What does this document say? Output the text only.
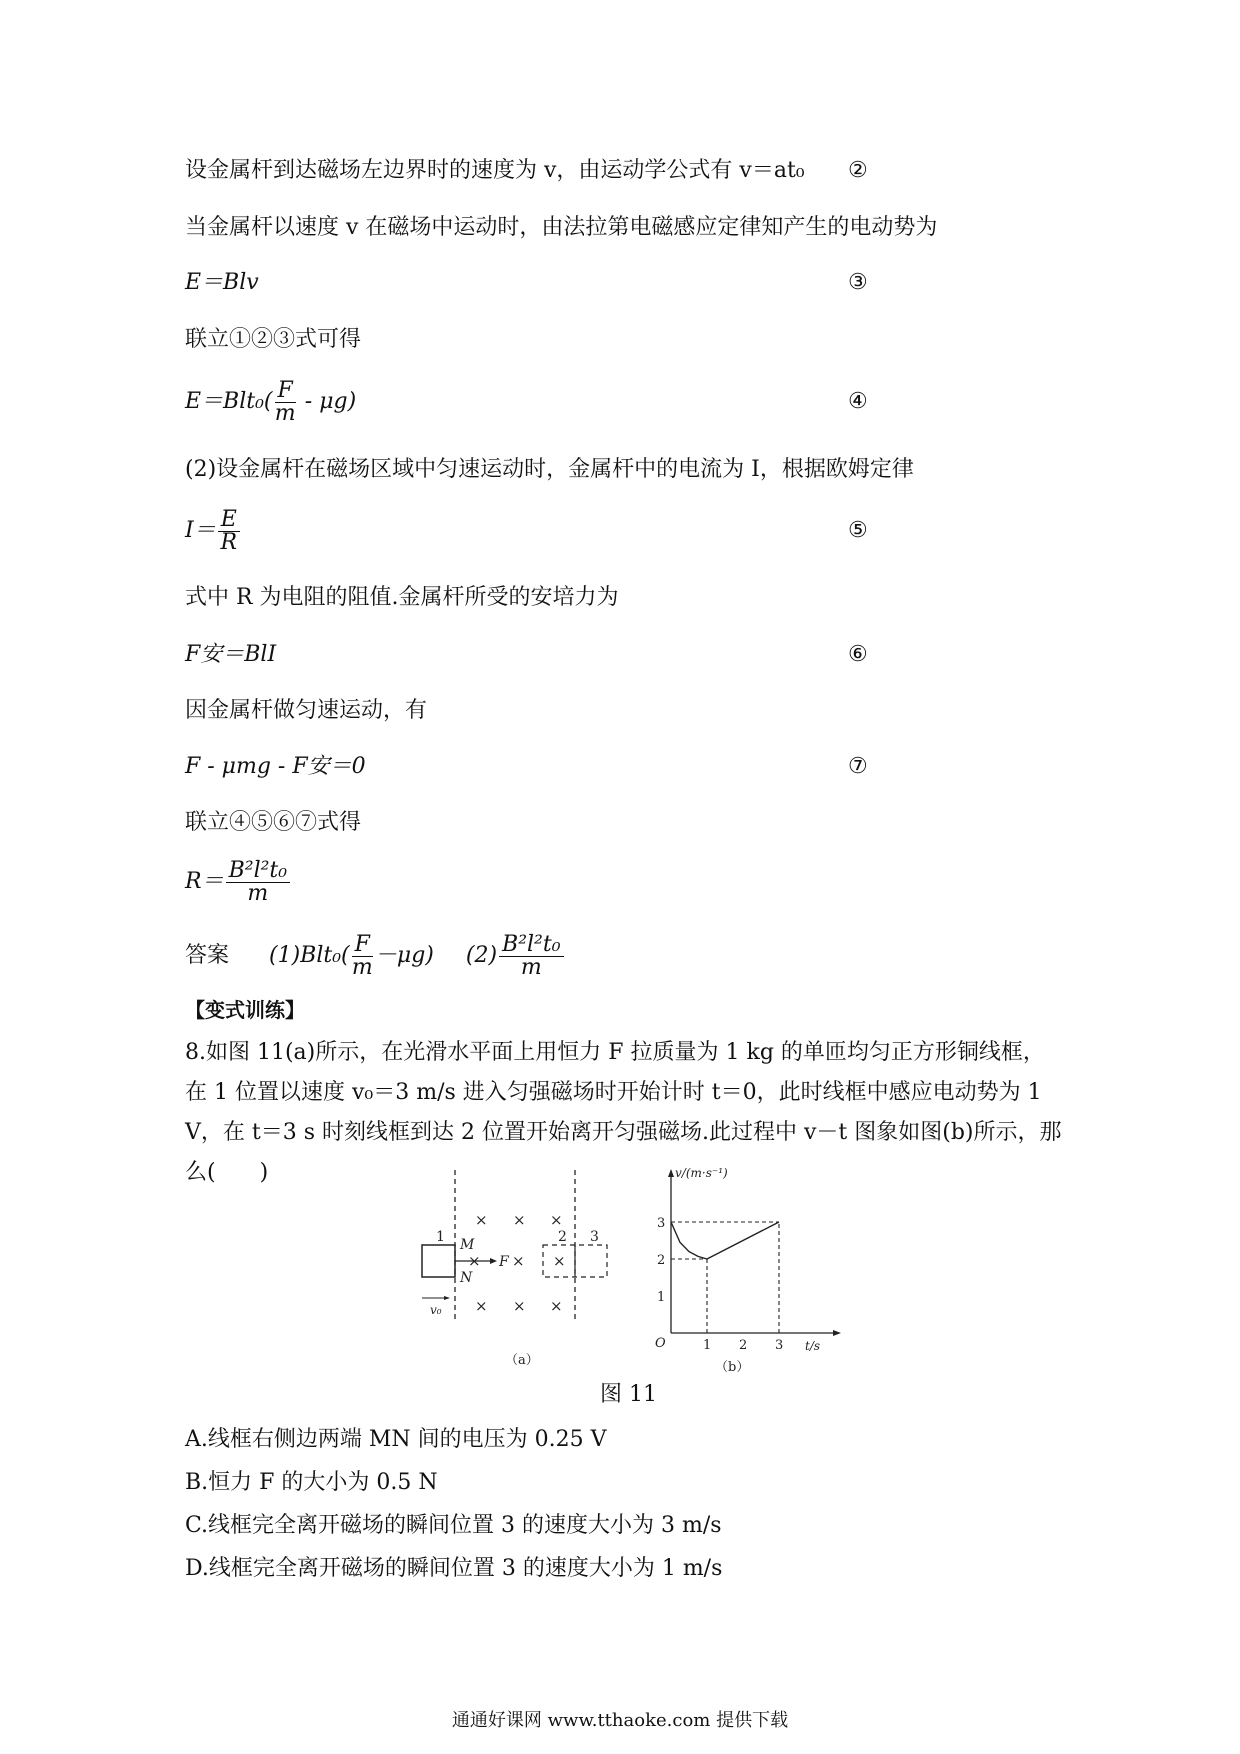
设金属杆到达磁场左边界时的速度为 v，由运动学公式有 v＝at₀ ②
当金属杆以速度 v 在磁场中运动时，由法拉第电磁感应定律知产生的电动势为
E＝Blv	③
联立①②③式可得
$E=Blt_0( \frac{F}{m} - \mu g)$	④
(2)设金属杆在磁场区域中匀速运动时，金属杆中的电流为 I，根据欧姆定律
$I= \frac{E}{R}$	⑤
式中 R 为电阻的阻值.金属杆所受的安培力为
F安＝BlI	⑥
因金属杆做匀速运动，有
F - μmg - F安＝0	⑦
联立④⑤⑥⑦式得
$R= \frac{\text{B²l²t₀}}{m}$
答案 $(1)Blt_0( \frac{F}{m} -\mu g)$ $(2) \frac{\text{B²l²t₀}}{m}$
【变式训练】
8.如图 11(a)所示，在光滑水平面上用恒力 F 拉质量为 1 kg 的单匝均匀正方形铜线框，在 1 位置以速度 v₀＝3 m/s 进入匀强磁场时开始计时 t＝0，此时线框中感应电动势为 1 V，在 t＝3 s 时刻线框到达 2 位置开始离开匀强磁场.此过程中 v－t 图象如图(b)所示，那么(　　)
× × ×
× × ×
× × ×
1	2 3
M
N
F
v₀
（a）
1 2 3
1
2
3
v/(m·s⁻¹)
t/s
O
（b）
图 11
A.线框右侧边两端 MN 间的电压为 0.25 V
B.恒力 F 的大小为 0.5 N
C.线框完全离开磁场的瞬间位置 3 的速度大小为 3 m/s
D.线框完全离开磁场的瞬间位置 3 的速度大小为 1 m/s
通通好课网 www.tthaoke.com 提供下载
